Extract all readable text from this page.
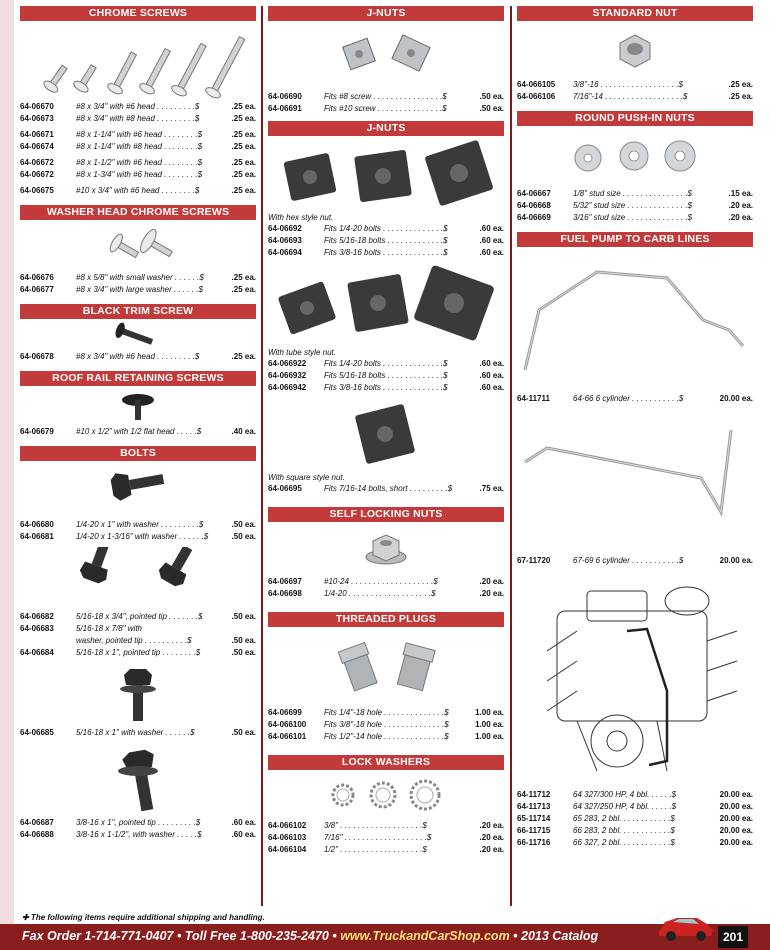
CHROME SCREWS
64-06670	#8 x 3/4" with #6 head . . . . . . . . .$	.25 ea.
64-06673	#8 x 3/4" with #8 head . . . . . . . . .$	.25 ea.
64-06671	#8 x 1-1/4" with #6 head . . . . . . . .$	.25 ea.
64-06674	#8 x 1-1/4" with #8 head . . . . . . . .$	.25 ea.
64-06672	#8 x 1-1/2" with #6 head . . . . . . . .$	.25 ea.
64-06672	#8 x 1-3/4" with #6 head . . . . . . . .$	.25 ea.
64-06675	#10 x 3/4" with #6 head . . . . . . . .$	.25 ea.
WASHER HEAD CHROME SCREWS
64-06676	#8 x 5/8" with small washer . . . . . .$	.25 ea.
64-06677	#8 x 3/4" with large washer . . . . . .$	.25 ea.
BLACK TRIM SCREW
64-06678	#8 x 3/4" with #6 head . . . . . . . . .$	.25 ea.
ROOF RAIL RETAINING SCREWS
64-06679	#10 x 1/2" with 1/2 flat head . . . . .$	.40 ea.
BOLTS
64-06680	1/4-20 x 1" with washer . . . . . . . . .$	.50 ea.
64-06681	1/4-20 x 1-3/16" with washer . . . . . .$	.50 ea.
64-06682	5/16-18 x 3/4", pointed tip . . . . . . .$	.50 ea.
64-06683	5/16-18 x 7/8" with
washer, pointed tip . . . . . . . . . .$	.50 ea.
64-06684	5/16-18 x 1", pointed tip . . . . . . . .$	.50 ea.
64-06685	5/16-18 x 1" with washer . . . . . .$	.50 ea.
64-06687	3/8-16 x 1", pointed tip . . . . . . . . .$	.60 ea.
64-06688	3/8-16 x 1-1/2", with washer . . . . .$	.60 ea.
J-NUTS
64-06690	Fits #8 screw . . . . . . . . . . . . . . . .$	.50 ea.
64-06691	Fits #10 screw . . . . . . . . . . . . . . .$	.50 ea.
J-NUTS
With hex style nut.
64-06692	Fits 1/4-20 bolts . . . . . . . . . . . . . .$	.60 ea.
64-06693	Fits 5/16-18 bolts . . . . . . . . . . . . .$	.60 ea.
64-06694	Fits 3/8-16 bolts . . . . . . . . . . . . . .$	.60 ea.
With tube style nut.
64-066922	Fits 1/4-20 bolts . . . . . . . . . . . . . .$	.60 ea.
64-066932	Fits 5/16-18 bolts . . . . . . . . . . . . .$	.60 ea.
64-066942	Fits 3/8-16 bolts . . . . . . . . . . . . . .$	.60 ea.
With square style nut.
64-06695	Fits 7/16-14 bolts, short . . . . . . . . .$	.75 ea.
SELF LOCKING NUTS
64-06697	#10-24 . . . . . . . . . . . . . . . . . . .$	.20 ea.
64-06698	1/4-20 . . . . . . . . . . . . . . . . . . .$	.20 ea.
THREADED PLUGS
64-06699	Fits 1/4"-18 hole . . . . . . . . . . . . . .$	1.00 ea.
64-066100	Fits 3/8"-18 hole . . . . . . . . . . . . . .$	1.00 ea.
64-066101	Fits 1/2"-14 hole . . . . . . . . . . . . . .$	1.00 ea.
LOCK WASHERS
64-066102	3/8" . . . . . . . . . . . . . . . . . . .$	.20 ea.
64-066103	7/16" . . . . . . . . . . . . . . . . . . .$	.20 ea.
64-066104	1/2" . . . . . . . . . . . . . . . . . . .$	.20 ea.
STANDARD NUT
64-066105	3/8"-16 . . . . . . . . . . . . . . . . . .$	.25 ea.
64-066106	7/16"-14 . . . . . . . . . . . . . . . . . .$	.25 ea.
ROUND PUSH-IN NUTS
64-06667	1/8" stud size . . . . . . . . . . . . . . .$	.15 ea.
64-06668	5/32" stud size . . . . . . . . . . . . . .$	.20 ea.
64-06669	3/16" stud size . . . . . . . . . . . . . .$	.20 ea.
FUEL PUMP TO CARB LINES
64-11711	64-66 6 cylinder . . . . . . . . . . .$	20.00 ea.
67-11720	67-69 6 cylinder . . . . . . . . . . .$	20.00 ea.
64-11712	64 327/300 HP, 4 bbl. . . . . .$	20.00 ea.
64-11713	64 327/250 HP, 4 bbl. . . . . .$	20.00 ea.
65-11714	65 283, 2 bbl. . . . . . . . . . . .$	20.00 ea.
66-11715	66 283, 2 bbl. . . . . . . . . . . .$	20.00 ea.
66-11716	66 327, 2 bbl. . . . . . . . . . . .$	20.00 ea.
✚ The following items require additional shipping and handling.
Fax Order 1-714-771-0407 • Toll Free 1-800-235-2470 • www.TruckandCarShop.com • 2013 Catalog	201
